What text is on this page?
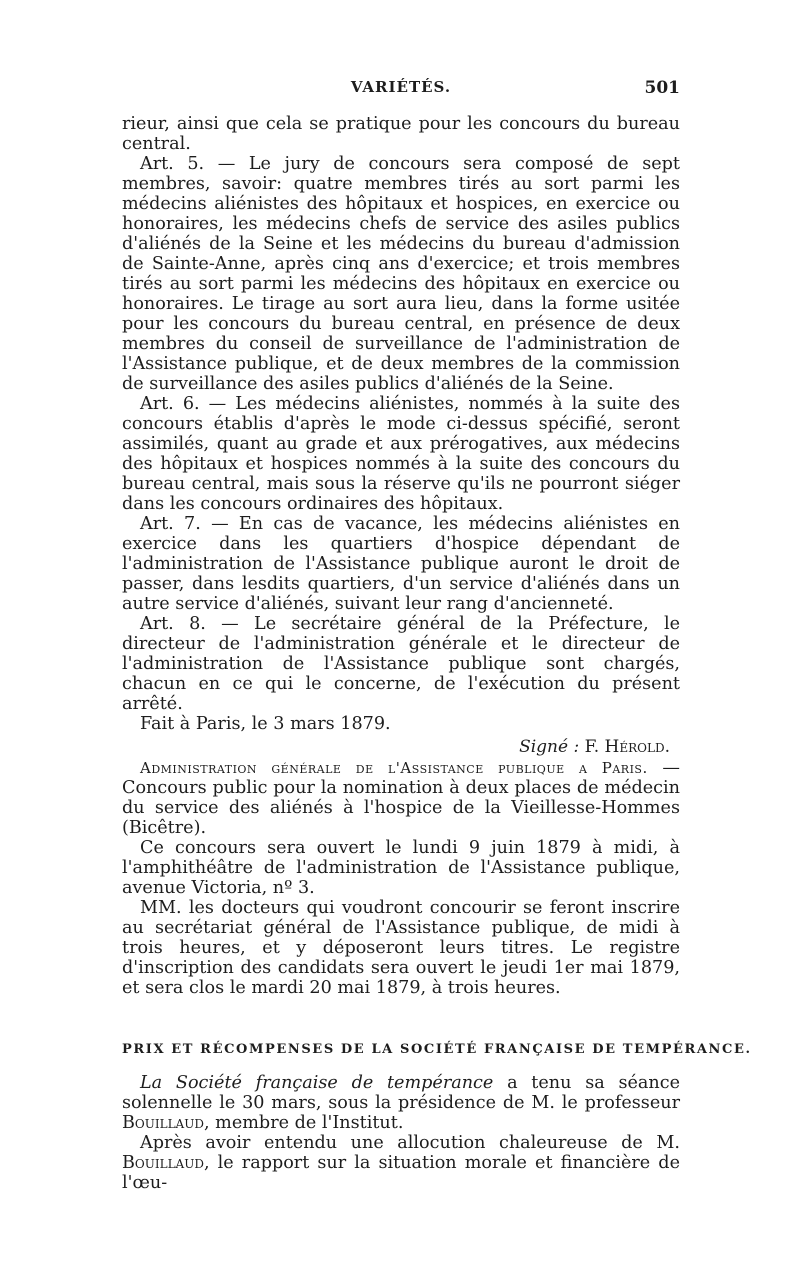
VARIÉTÉS.	501

rieur, ainsi que cela se pratique pour les concours du bureau central.

Art. 5. — Le jury de concours sera composé de sept membres, savoir: quatre membres tirés au sort parmi les médecins aliénistes des hôpitaux et hospices, en exercice ou honoraires, les médecins chefs de service des asiles publics d'aliénés de la Seine et les médecins du bureau d'admission de Sainte-Anne, après cinq ans d'exercice; et trois membres tirés au sort parmi les médecins des hôpitaux en exercice ou honoraires. Le tirage au sort aura lieu, dans la forme usitée pour les concours du bureau central, en présence de deux membres du conseil de surveillance de l'administration de l'Assistance publique, et de deux membres de la commission de surveillance des asiles publics d'aliénés de la Seine.

Art. 6. — Les médecins aliénistes, nommés à la suite des concours établis d'après le mode ci-dessus spécifié, seront assimilés, quant au grade et aux prérogatives, aux médecins des hôpitaux et hospices nommés à la suite des concours du bureau central, mais sous la réserve qu'ils ne pourront siéger dans les concours ordinaires des hôpitaux.

Art. 7. — En cas de vacance, les médecins aliénistes en exercice dans les quartiers d'hospice dépendant de l'administration de l'Assistance publique auront le droit de passer, dans lesdits quartiers, d'un service d'aliénés dans un autre service d'aliénés, suivant leur rang d'ancienneté.

Art. 8. — Le secrétaire général de la Préfecture, le directeur de l'administration générale et le directeur de l'administration de l'Assistance publique sont chargés, chacun en ce qui le concerne, de l'exécution du présent arrêté.

Fait à Paris, le 3 mars 1879.

Signé : F. Hérold.

Administration générale de l'Assistance publique a Paris. — Concours public pour la nomination à deux places de médecin du service des aliénés à l'hospice de la Vieillesse-Hommes (Bicêtre).

Ce concours sera ouvert le lundi 9 juin 1879 à midi, à l'amphithéâtre de l'administration de l'Assistance publique, avenue Victoria, nº 3.

MM. les docteurs qui voudront concourir se feront inscrire au secrétariat général de l'Assistance publique, de midi à trois heures, et y déposeront leurs titres. Le registre d'inscription des candidats sera ouvert le jeudi 1er mai 1879, et sera clos le mardi 20 mai 1879, à trois heures.

PRIX ET RÉCOMPENSES DE LA SOCIÉTÉ FRANÇAISE DE TEMPÉRANCE.

La Société française de tempérance a tenu sa séance solennelle le 30 mars, sous la présidence de M. le professeur Bouillaud, membre de l'Institut.

Après avoir entendu une allocution chaleureuse de M. Bouillaud, le rapport sur la situation morale et financière de l'œu-
